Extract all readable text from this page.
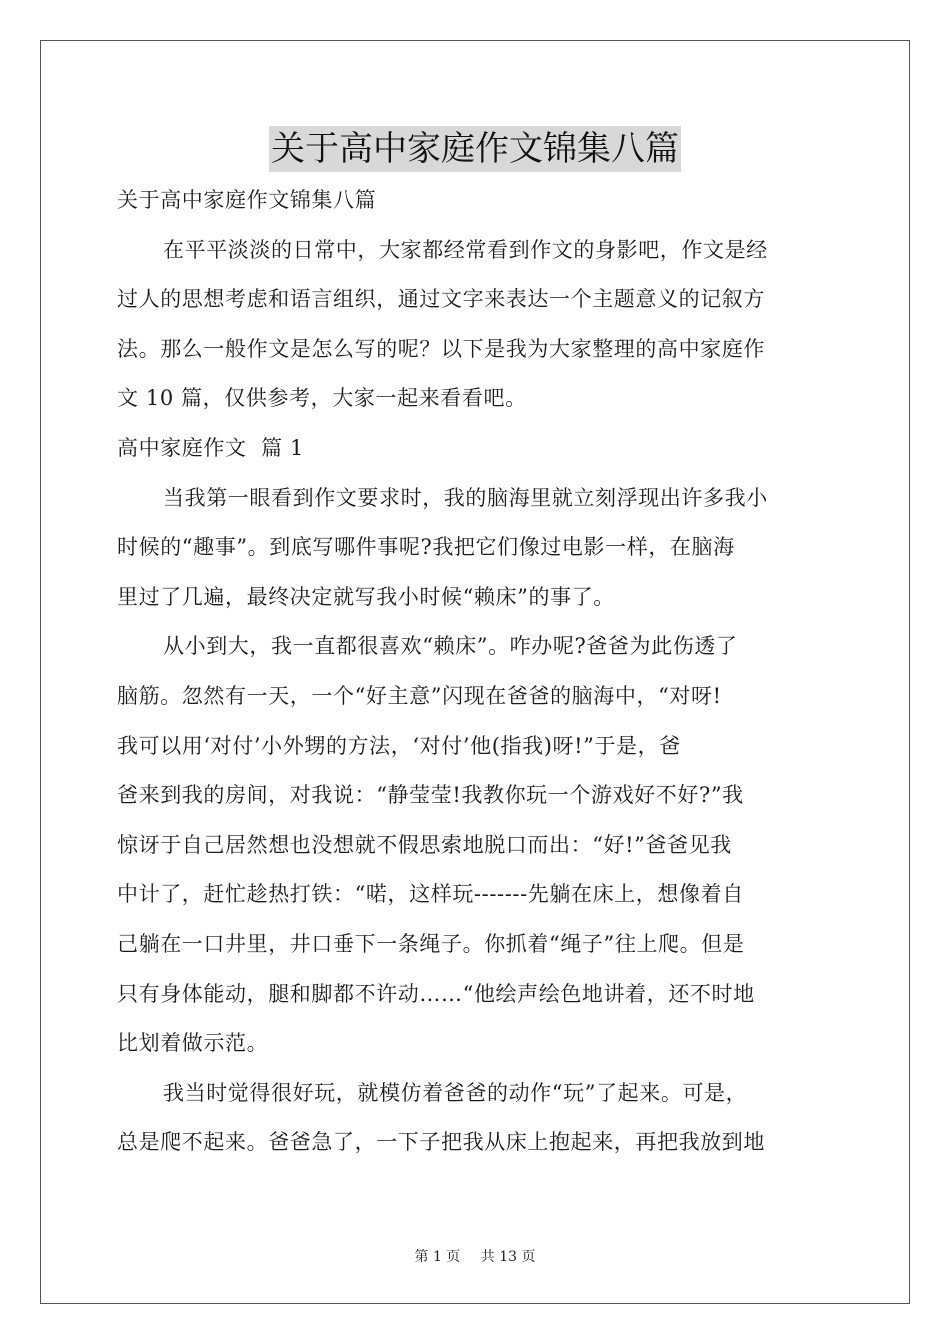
关于高中家庭作文锦集八篇
关于高中家庭作文锦集八篇
在平平淡淡的日常中，大家都经常看到作文的身影吧，作文是经
过人的思想考虑和语言组织，通过文字来表达一个主题意义的记叙方
法。那么一般作文是怎么写的呢？以下是我为大家整理的高中家庭作
文 10 篇，仅供参考，大家一起来看看吧。
高中家庭作文  篇 1
当我第一眼看到作文要求时，我的脑海里就立刻浮现出许多我小
时候的“趣事”。到底写哪件事呢?我把它们像过电影一样，在脑海
里过了几遍，最终决定就写我小时候“赖床”的事了。
从小到大，我一直都很喜欢“赖床”。咋办呢?爸爸为此伤透了
脑筋。忽然有一天，一个“好主意”闪现在爸爸的脑海中，“对呀!
我可以用‘对付’小外甥的方法，‘对付’他(指我)呀!”于是，爸
爸来到我的房间，对我说：“静莹莹!我教你玩一个游戏好不好?”我
惊讶于自己居然想也没想就不假思索地脱口而出：“好!”爸爸见我
中计了，赶忙趁热打铁：“喏，这样玩-------先躺在床上，想像着自
己躺在一口井里，井口垂下一条绳子。你抓着“绳子”往上爬。但是
只有身体能动，腿和脚都不许动……“他绘声绘色地讲着，还不时地
比划着做示范。
我当时觉得很好玩，就模仿着爸爸的动作“玩”了起来。可是，
总是爬不起来。爸爸急了，一下子把我从床上抱起来，再把我放到地
第 1 页 共 13 页
